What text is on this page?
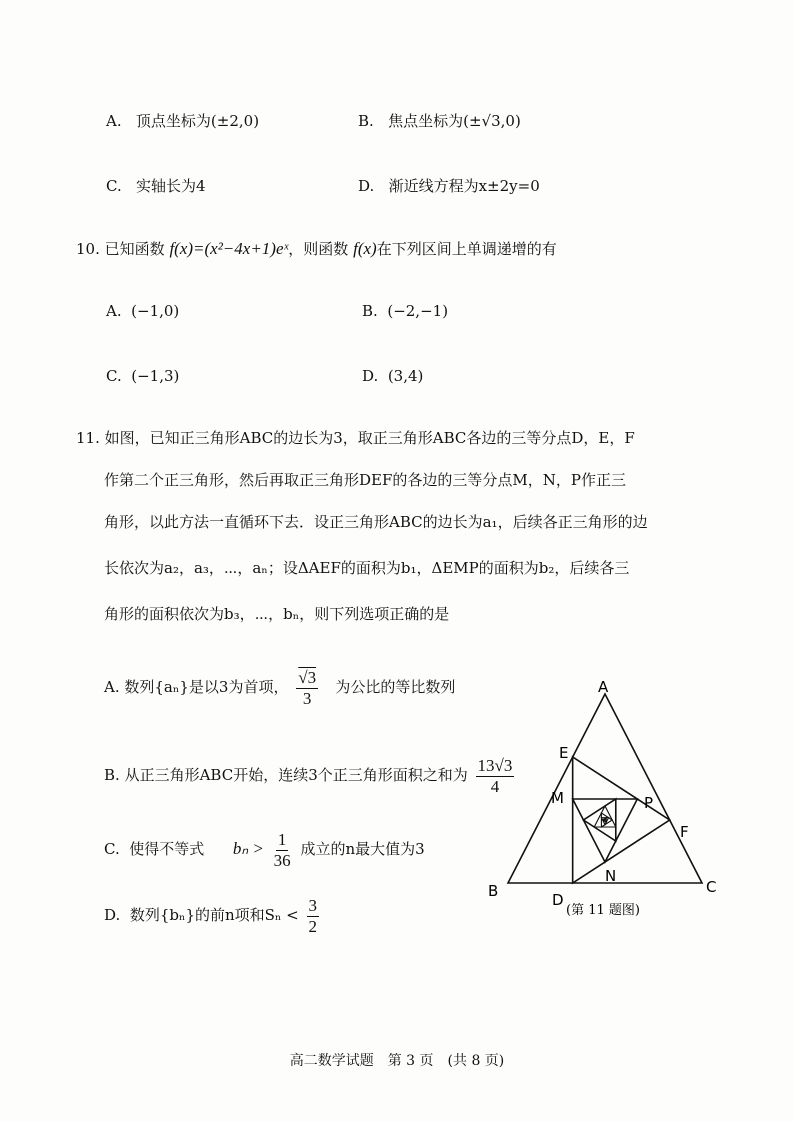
A. 顶点坐标为(±2,0)	B. 焦点坐标为(±√3,0)
C. 实轴长为4	D. 渐近线方程为x±2y=0
10. 已知函数 f(x)=(x²−4x+1)eˣ，则函数 f(x)在下列区间上单调递增的有
A. (−1,0)	B. (−2,−1)
C. (−1,3)	D. (3,4)
11. 如图，已知正三角形ABC的边长为3，取正三角形ABC各边的三等分点D，E，F
作第二个正三角形，然后再取正三角形DEF的各边的三等分点M，N，P作正三
角形，以此方法一直循环下去．设正三角形ABC的边长为a₁，后续各正三角形的边
长依次为a₂，a₃，⋯，aₙ；设ΔAEF的面积为b₁，ΔEMP的面积为b₂，后续各三
角形的面积依次为b₃，⋯，bₙ，则下列选项正确的是
A. 数列{aₙ}是以3为首项， $\frac{√3}{3}$ 为公比的等比数列
B. 从正三角形ABC开始，连续3个正三角形面积之和为 $\frac{13√3}{4}$
C. 使得不等式 $b_n > \frac{1}{36}$ 成立的n最大值为3
D. 数列{bₙ}的前n项和$S_n < \frac{3}{2}$
A
B	C
D
E
F
M
N
P
(第 11 题图)
高二数学试题　第 3 页　(共 8 页)
